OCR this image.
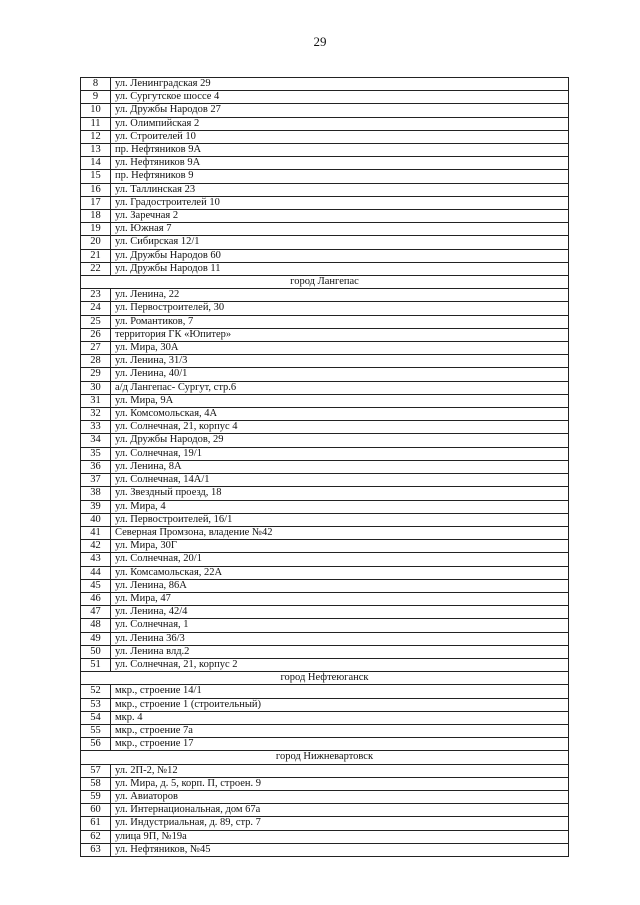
29
8	ул. Ленинградская 29
9	ул. Сургутское шоссе 4
10	ул. Дружбы Народов 27
11	ул. Олимпийская 2
12	ул. Строителей 10
13	пр. Нефтяников 9А
14	ул. Нефтяников 9А
15	пр. Нефтяников 9
16	ул. Таллинская 23
17	ул. Градостроителей 10
18	ул. Заречная 2
19	ул. Южная 7
20	ул. Сибирская 12/1
21	ул. Дружбы Народов 60
22	ул. Дружбы Народов 11
город Лангепас	
23	ул. Ленина, 22
24	ул. Первостроителей, 30
25	ул. Романтиков, 7
26	территория ГК «Юпитер»
27	ул. Мира, 30А
28	ул. Ленина, 31/3
29	ул. Ленина, 40/1
30	а/д Лангепас- Сургут, стр.6
31	ул. Мира, 9А
32	ул. Комсомольская, 4А
33	ул. Солнечная, 21, корпус 4
34	ул. Дружбы Народов, 29
35	ул. Солнечная, 19/1
36	ул. Ленина, 8А
37	ул. Солнечная, 14А/1
38	ул. Звездный проезд, 18
39	ул. Мира, 4
40	ул. Первостроителей, 16/1
41	Северная Промзона, владение №42
42	ул. Мира, 30Г
43	ул. Солнечная, 20/1
44	ул. Комсамольская, 22А
45	ул. Ленина, 86А
46	ул. Мира, 47
47	ул. Ленина, 42/4
48	ул. Солнечная, 1
49	ул. Ленина 36/3
50	ул. Ленина влд.2
51	ул. Солнечная, 21, корпус 2
город Нефтеюганск	
52	мкр., строение 14/1
53	мкр., строение 1 (строительный)
54	мкр. 4
55	мкр., строение 7а
56	мкр., строение 17
город Нижневартовск	
57	ул. 2П-2, №12
58	ул. Мира, д. 5, корп. П, строен. 9
59	ул. Авиаторов
60	ул. Интернациональная, дом 67а
61	ул. Индустриальная, д. 89, стр. 7
62	улица 9П, №19а
63	ул. Нефтяников, №45
